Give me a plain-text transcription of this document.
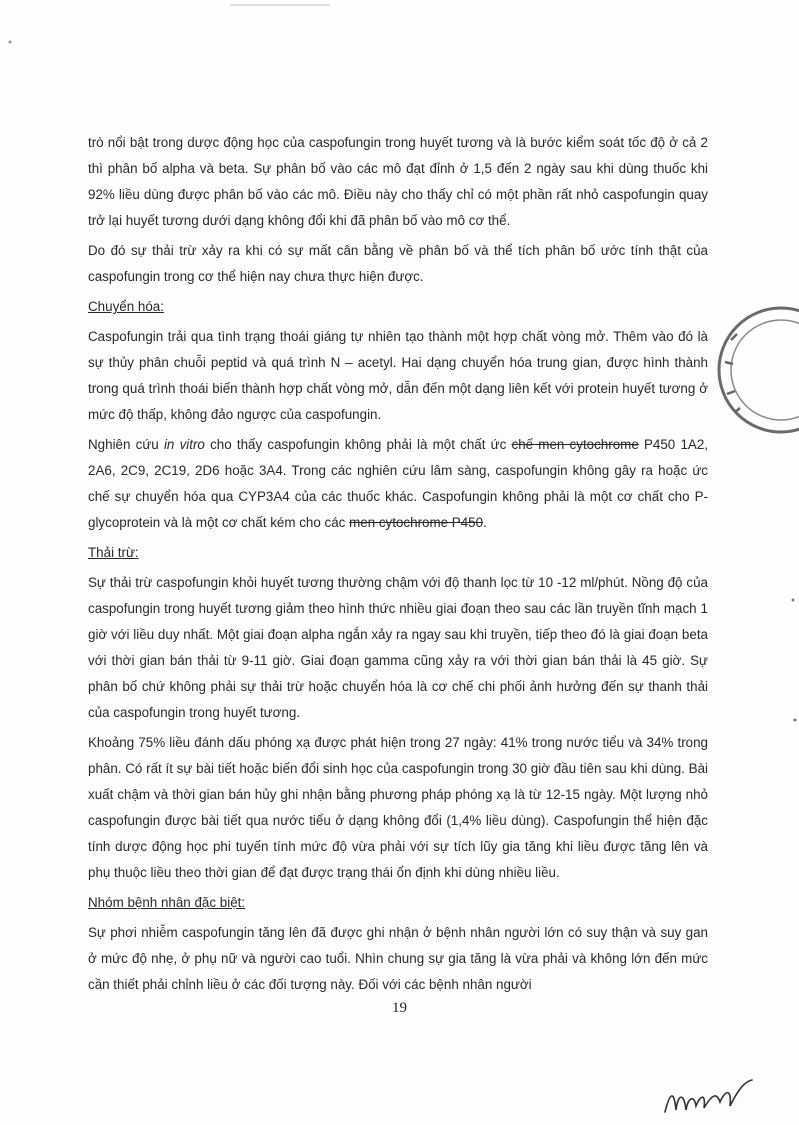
trò nổi bật trong dược động học của caspofungin trong huyết tương và là bước kiểm soát tốc độ ở cả 2 thì phân bố alpha và beta. Sự phân bố vào các mô đạt đỉnh ở 1,5 đến 2 ngày sau khi dùng thuốc khi 92% liều dùng được phân bố vào các mô. Điều này cho thấy chỉ có một phần rất nhỏ caspofungin quay trở lại huyết tương dưới dạng không đổi khi đã phân bố vào mô cơ thể.

Do đó sự thải trừ xảy ra khi có sự mất cân bằng về phân bố và thể tích phân bố ước tính thật của caspofungin trong cơ thể hiện nay chưa thực hiện được.

Chuyển hóa:

Caspofungin trải qua tình trạng thoái giáng tự nhiên tạo thành một hợp chất vòng mở. Thêm vào đó là sự thủy phân chuỗi peptid và quá trình N – acetyl. Hai dạng chuyển hóa trung gian, được hình thành trong quá trình thoái biến thành hợp chất vòng mở, dẫn đến một dạng liên kết với protein huyết tương ở mức độ thấp, không đảo ngược của caspofungin.

Nghiên cứu in vitro cho thấy caspofungin không phải là một chất ức chế men cytochrome P450 1A2, 2A6, 2C9, 2C19, 2D6 hoặc 3A4. Trong các nghiên cứu lâm sàng, caspofungin không gây ra hoặc ức chế sự chuyển hóa qua CYP3A4 của các thuốc khác. Caspofungin không phải là một cơ chất cho P-glycoprotein và là một cơ chất kém cho các men cytochrome P450.

Thải trừ:

Sự thải trừ caspofungin khỏi huyết tương thường chậm với độ thanh lọc từ 10 -12 ml/phút. Nồng độ của caspofungin trong huyết tương giảm theo hình thức nhiều giai đoạn theo sau các lần truyền tĩnh mạch 1 giờ với liều duy nhất. Một giai đoạn alpha ngắn xảy ra ngay sau khi truyền, tiếp theo đó là giai đoạn beta với thời gian bán thải từ 9-11 giờ. Giai đoạn gamma cũng xảy ra với thời gian bán thải là 45 giờ. Sự phân bố chứ không phải sự thải trừ hoặc chuyển hóa là cơ chế chi phối ảnh hưởng đến sự thanh thải của caspofungin trong huyết tương.

Khoảng 75% liều đánh dấu phóng xạ được phát hiện trong 27 ngày: 41% trong nước tiểu và 34% trong phân. Có rất ít sự bài tiết hoặc biến đổi sinh học của caspofungin trong 30 giờ đầu tiên sau khi dùng. Bài xuất chậm và thời gian bán hủy ghi nhận bằng phương pháp phóng xạ là từ 12-15 ngày. Một lượng nhỏ caspofungin được bài tiết qua nước tiểu ở dạng không đổi (1,4% liều dùng). Caspofungin thể hiện đặc tính dược động học phi tuyến tính mức độ vừa phải với sự tích lũy gia tăng khi liều được tăng lên và phụ thuộc liều theo thời gian để đạt được trạng thái ổn định khi dùng nhiều liều.

Nhóm bệnh nhân đặc biệt:

Sự phơi nhiễm caspofungin tăng lên đã được ghi nhận ở bệnh nhân người lớn có suy thận và suy gan ở mức độ nhẹ, ở phụ nữ và người cao tuổi. Nhìn chung sự gia tăng là vừa phải và không lớn đến mức cần thiết phải chỉnh liều ở các đối tượng này. Đối với các bệnh nhân người

19
